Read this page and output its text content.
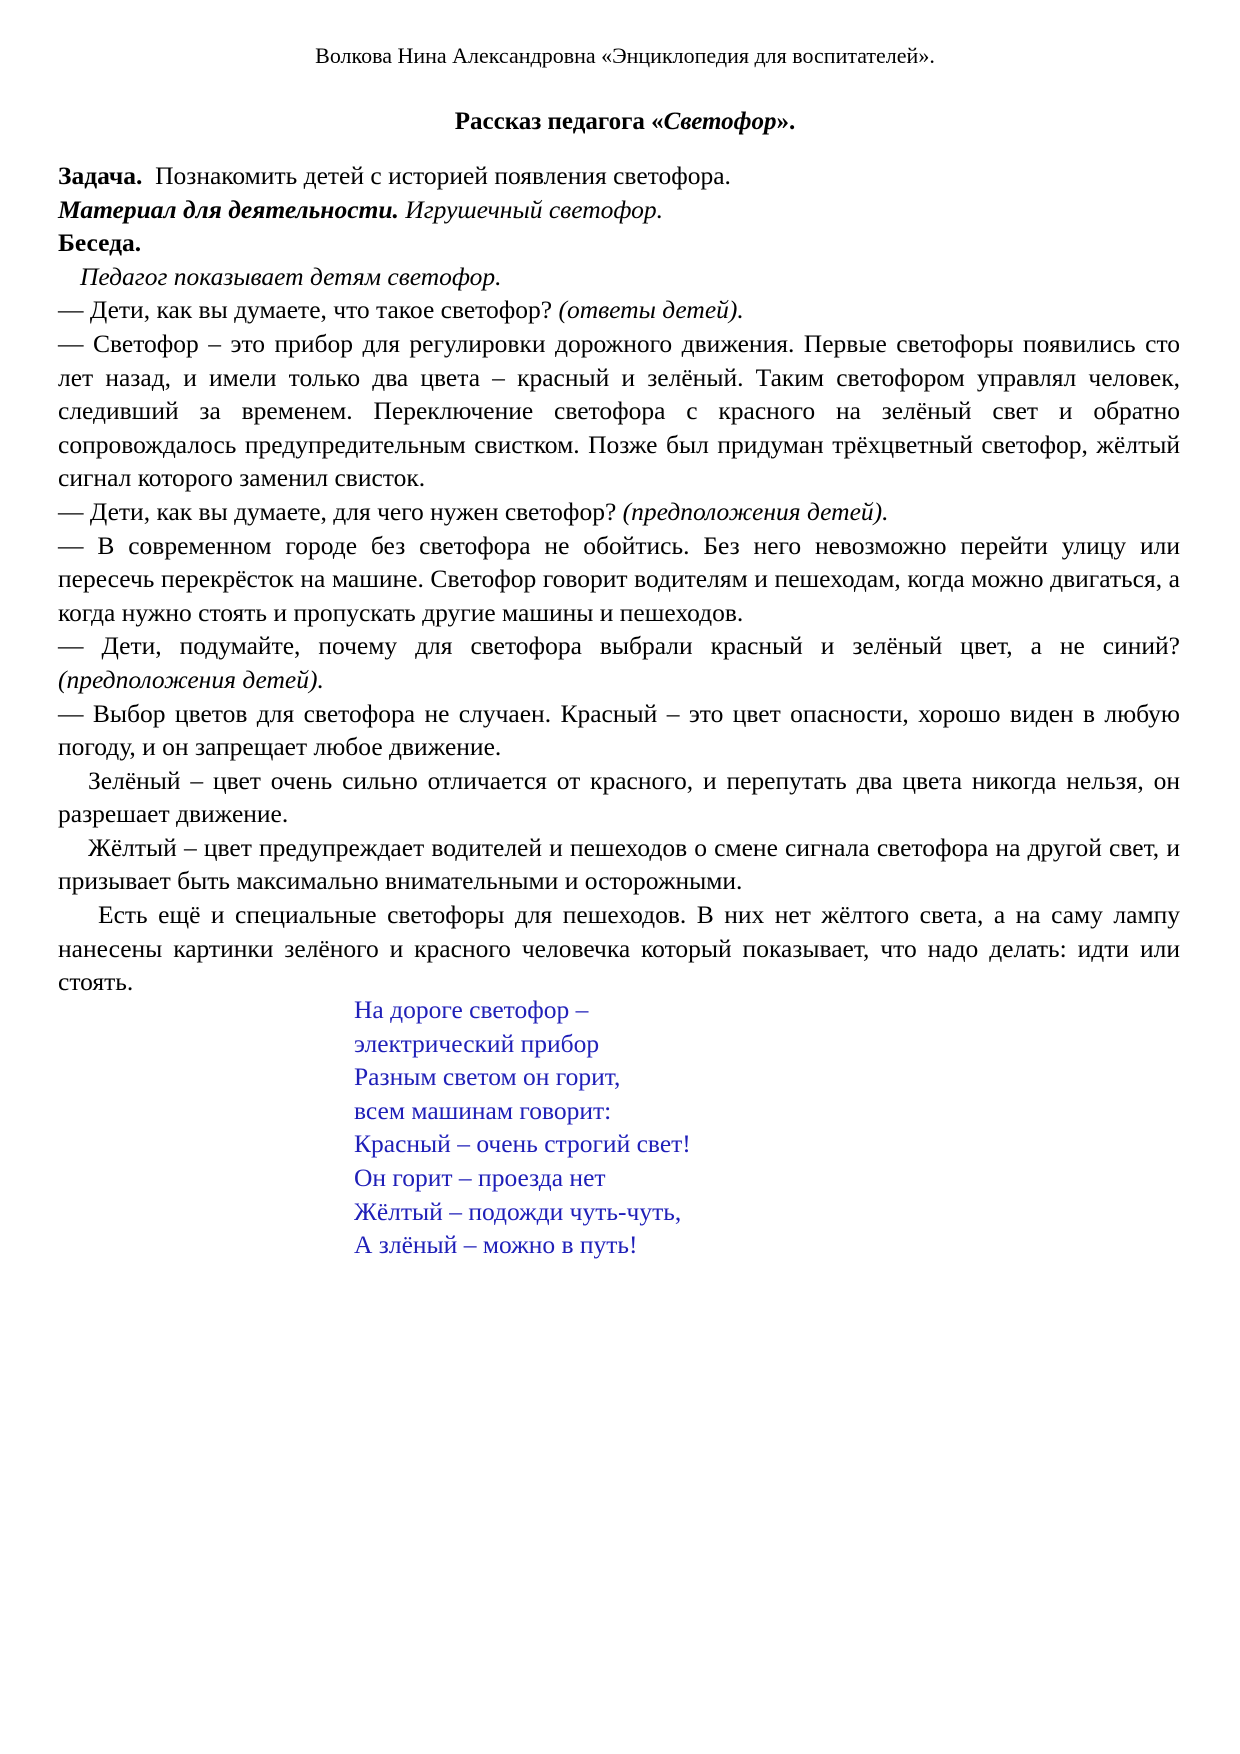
Волкова Нина Александровна «Энциклопедия для воспитателей».
Рассказ педагога «Светофор».
Задача. Познакомить детей с историей появления светофора.
Материал для деятельности. Игрушечный светофор.
Беседа.
Педагог показывает детям светофор.
— Дети, как вы думаете, что такое светофор? (ответы детей).
— Светофор – это прибор для регулировки дорожного движения. Первые светофоры появились сто лет назад, и имели только два цвета – красный и зелёный. Таким светофором управлял человек, следивший за временем. Переключение светофора с красного на зелёный свет и обратно сопровождалось предупредительным свистком. Позже был придуман трёхцветный светофор, жёлтый сигнал которого заменил свисток.
— Дети, как вы думаете, для чего нужен светофор? (предположения детей).
— В современном городе без светофора не обойтись. Без него невозможно перейти улицу или пересечь перекрёсток на машине. Светофор говорит водителям и пешеходам, когда можно двигаться, а когда нужно стоять и пропускать другие машины и пешеходов.
— Дети, подумайте, почему для светофора выбрали красный и зелёный цвет, а не синий? (предположения детей).
— Выбор цветов для светофора не случаен. Красный – это цвет опасности, хорошо виден в любую погоду, и он запрещает любое движение.
Зелёный – цвет очень сильно отличается от красного, и перепутать два цвета никогда нельзя, он разрешает движение.
Жёлтый – цвет предупреждает водителей и пешеходов о смене сигнала светофора на другой свет, и призывает быть максимально внимательными и осторожными.
Есть ещё и специальные светофоры для пешеходов. В них нет жёлтого света, а на саму лампу нанесены картинки зелёного и красного человечка который показывает, что надо делать: идти или стоять.
На дороге светофор –
электрический прибор
Разным светом он горит,
всем машинам говорит:
Красный – очень строгий свет!
Он горит – проезда нет
Жёлтый – подожди чуть-чуть,
А злёный – можно в путь!
